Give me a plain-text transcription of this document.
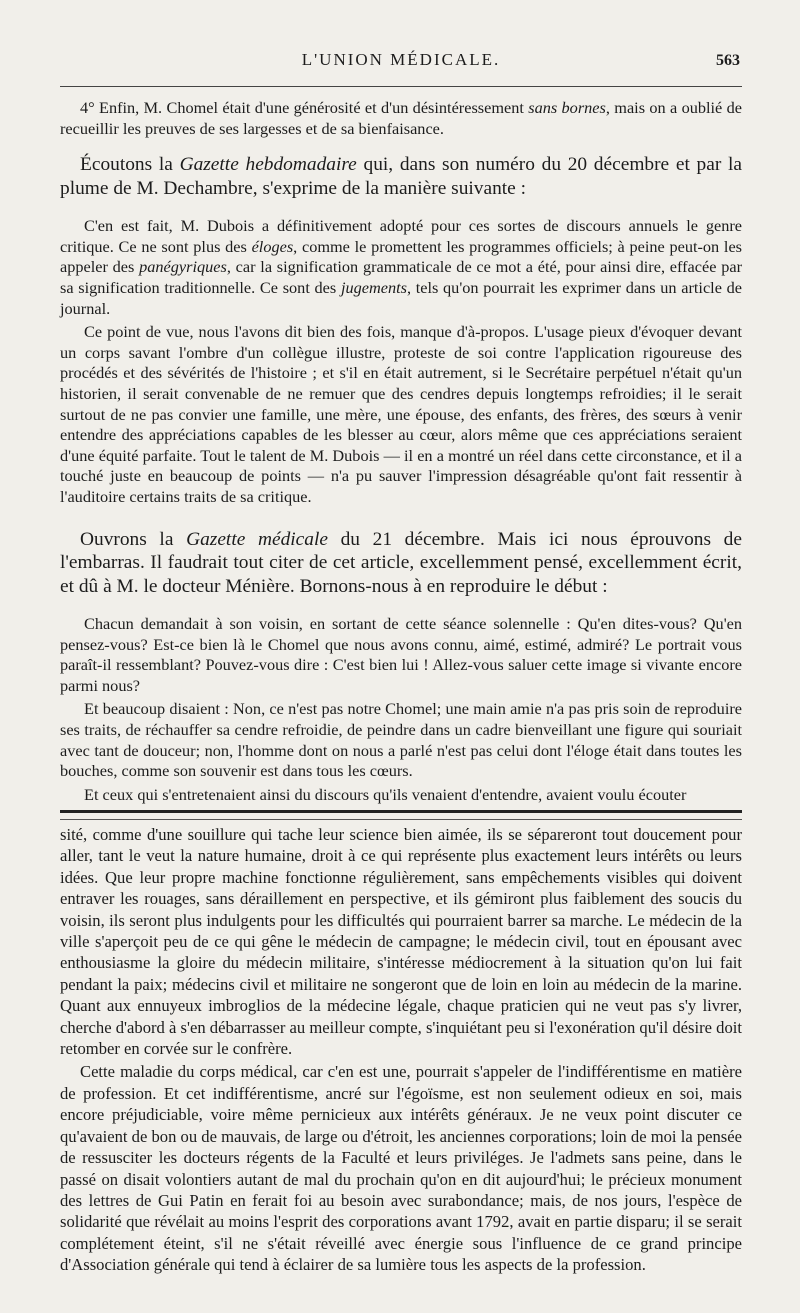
L'UNION MÉDICALE.	563

4° Enfin, M. Chomel était d'une générosité et d'un désintéressement sans bornes, mais on a oublié de recueillir les preuves de ses largesses et de sa bienfaisance.

Écoutons la Gazette hebdomadaire qui, dans son numéro du 20 décembre et par la plume de M. Dechambre, s'exprime de la manière suivante :

C'en est fait, M. Dubois a définitivement adopté pour ces sortes de discours annuels le genre critique. Ce ne sont plus des éloges, comme le promettent les programmes officiels; à peine peut-on les appeler des panégyriques, car la signification grammaticale de ce mot a été, pour ainsi dire, effacée par sa signification traditionnelle. Ce sont des jugements, tels qu'on pourrait les exprimer dans un article de journal.

Ce point de vue, nous l'avons dit bien des fois, manque d'à-propos. L'usage pieux d'évoquer devant un corps savant l'ombre d'un collègue illustre, proteste de soi contre l'application rigoureuse des procédés et des sévérités de l'histoire ; et s'il en était autrement, si le Secrétaire perpétuel n'était qu'un historien, il serait convenable de ne remuer que des cendres depuis longtemps refroidies; il le serait surtout de ne pas convier une famille, une mère, une épouse, des enfants, des frères, des sœurs à venir entendre des appréciations capables de les blesser au cœur, alors même que ces appréciations seraient d'une équité parfaite. Tout le talent de M. Dubois — il en a montré un réel dans cette circonstance, et il a touché juste en beaucoup de points — n'a pu sauver l'impression désagréable qu'ont fait ressentir à l'auditoire certains traits de sa critique.

Ouvrons la Gazette médicale du 21 décembre. Mais ici nous éprouvons de l'embarras. Il faudrait tout citer de cet article, excellemment pensé, excellemment écrit, et dû à M. le docteur Ménière. Bornons-nous à en reproduire le début :

Chacun demandait à son voisin, en sortant de cette séance solennelle : Qu'en dites-vous? Qu'en pensez-vous? Est-ce bien là le Chomel que nous avons connu, aimé, estimé, admiré? Le portrait vous paraît-il ressemblant? Pouvez-vous dire : C'est bien lui ! Allez-vous saluer cette image si vivante encore parmi nous?

Et beaucoup disaient : Non, ce n'est pas notre Chomel; une main amie n'a pas pris soin de reproduire ses traits, de réchauffer sa cendre refroidie, de peindre dans un cadre bienveillant une figure qui souriait avec tant de douceur; non, l'homme dont on nous a parlé n'est pas celui dont l'éloge était dans toutes les bouches, comme son souvenir est dans tous les cœurs.

Et ceux qui s'entretenaient ainsi du discours qu'ils venaient d'entendre, avaient voulu écouter

sité, comme d'une souillure qui tache leur science bien aimée, ils se sépareront tout doucement pour aller, tant le veut la nature humaine, droit à ce qui représente plus exactement leurs intérêts ou leurs idées. Que leur propre machine fonctionne régulièrement, sans empêchements visibles qui doivent entraver les rouages, sans déraillement en perspective, et ils gémiront plus faiblement des soucis du voisin, ils seront plus indulgents pour les difficultés qui pourraient barrer sa marche. Le médecin de la ville s'aperçoit peu de ce qui gêne le médecin de campagne; le médecin civil, tout en épousant avec enthousiasme la gloire du médecin militaire, s'intéresse médiocrement à la situation qu'on lui fait pendant la paix; médecins civil et militaire ne songeront que de loin en loin au médecin de la marine. Quant aux ennuyeux imbroglios de la médecine légale, chaque praticien qui ne veut pas s'y livrer, cherche d'abord à s'en débarrasser au meilleur compte, s'inquiétant peu si l'exonération qu'il désire doit retomber en corvée sur le confrère.

Cette maladie du corps médical, car c'en est une, pourrait s'appeler de l'indifférentisme en matière de profession. Et cet indifférentisme, ancré sur l'égoïsme, est non seulement odieux en soi, mais encore préjudiciable, voire même pernicieux aux intérêts généraux. Je ne veux point discuter ce qu'avaient de bon ou de mauvais, de large ou d'étroit, les anciennes corporations; loin de moi la pensée de ressusciter les docteurs régents de la Faculté et leurs priviléges. Je l'admets sans peine, dans le passé on disait volontiers autant de mal du prochain qu'on en dit aujourd'hui; le précieux monument des lettres de Gui Patin en ferait foi au besoin avec surabondance; mais, de nos jours, l'espèce de solidarité que révélait au moins l'esprit des corporations avant 1792, avait en partie disparu; il se serait complétement éteint, s'il ne s'était réveillé avec énergie sous l'influence de ce grand principe d'Association générale qui tend à éclairer de sa lumière tous les aspects de la profession.
